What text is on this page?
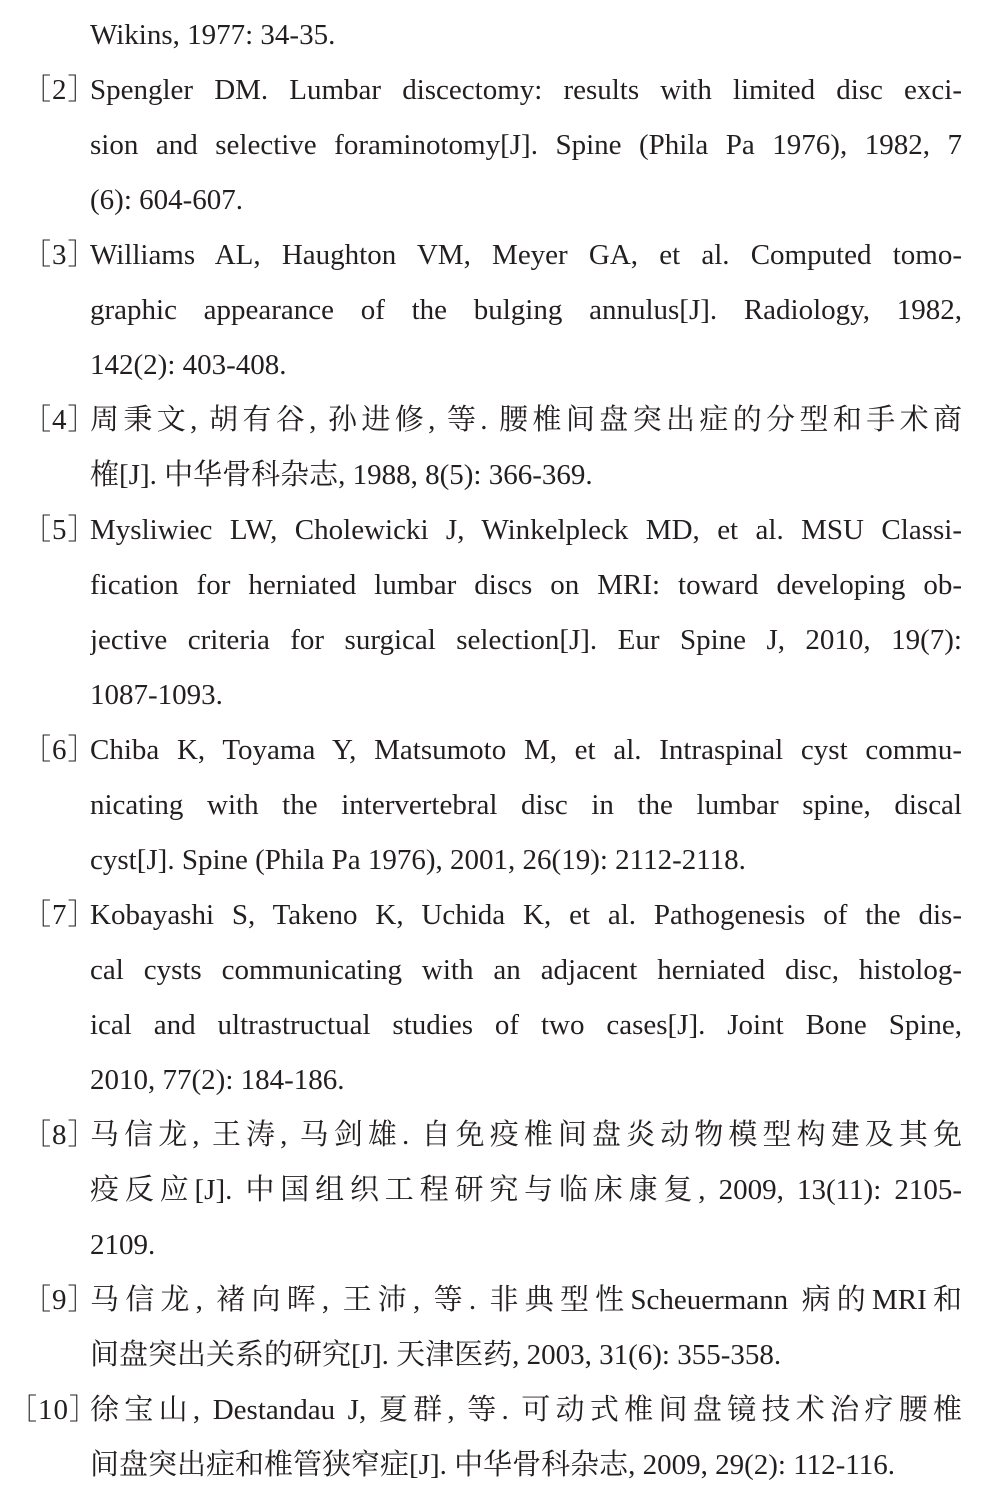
Wikins, 1977: 34-35.
［2］
Spengler DM. Lumbar discectomy: results with limited disc exci-
sion and selective foraminotomy[J]. Spine (Phila Pa 1976), 1982, 7
(6): 604-607.
［3］
Williams AL, Haughton VM, Meyer GA, et al. Computed tomo-
graphic appearance of the bulging annulus[J]. Radiology, 1982,
142(2): 403-408.
［4］
周秉文, 胡有谷, 孙进修, 等. 腰椎间盘突出症的分型和手术商
榷[J]. 中华骨科杂志, 1988, 8(5): 366-369.
［5］
Mysliwiec LW, Cholewicki J, Winkelpleck MD, et al. MSU Classi-
fication for herniated lumbar discs on MRI: toward developing ob-
jective criteria for surgical selection[J]. Eur Spine J, 2010, 19(7):
1087-1093.
［6］
Chiba K, Toyama Y, Matsumoto M, et al. Intraspinal cyst commu-
nicating with the intervertebral disc in the lumbar spine, discal
cyst[J]. Spine (Phila Pa 1976), 2001, 26(19): 2112-2118.
［7］
Kobayashi S, Takeno K, Uchida K, et al. Pathogenesis of the dis-
cal cysts communicating with an adjacent herniated disc, histolog-
ical and ultrastructual studies of two cases[J]. Joint Bone Spine,
2010, 77(2): 184-186.
［8］
马信龙, 王涛, 马剑雄. 自免疫椎间盘炎动物模型构建及其免
疫反应[J]. 中国组织工程研究与临床康复, 2009, 13(11): 2105-
2109.
［9］
马信龙, 褚向晖, 王沛, 等. 非典型性Scheuermann 病的MRI和
间盘突出关系的研究[J]. 天津医药, 2003, 31(6): 355-358.
［10］
徐宝山, Destandau J, 夏群, 等. 可动式椎间盘镜技术治疗腰椎
间盘突出症和椎管狭窄症[J]. 中华骨科杂志, 2009, 29(2): 112-116.
